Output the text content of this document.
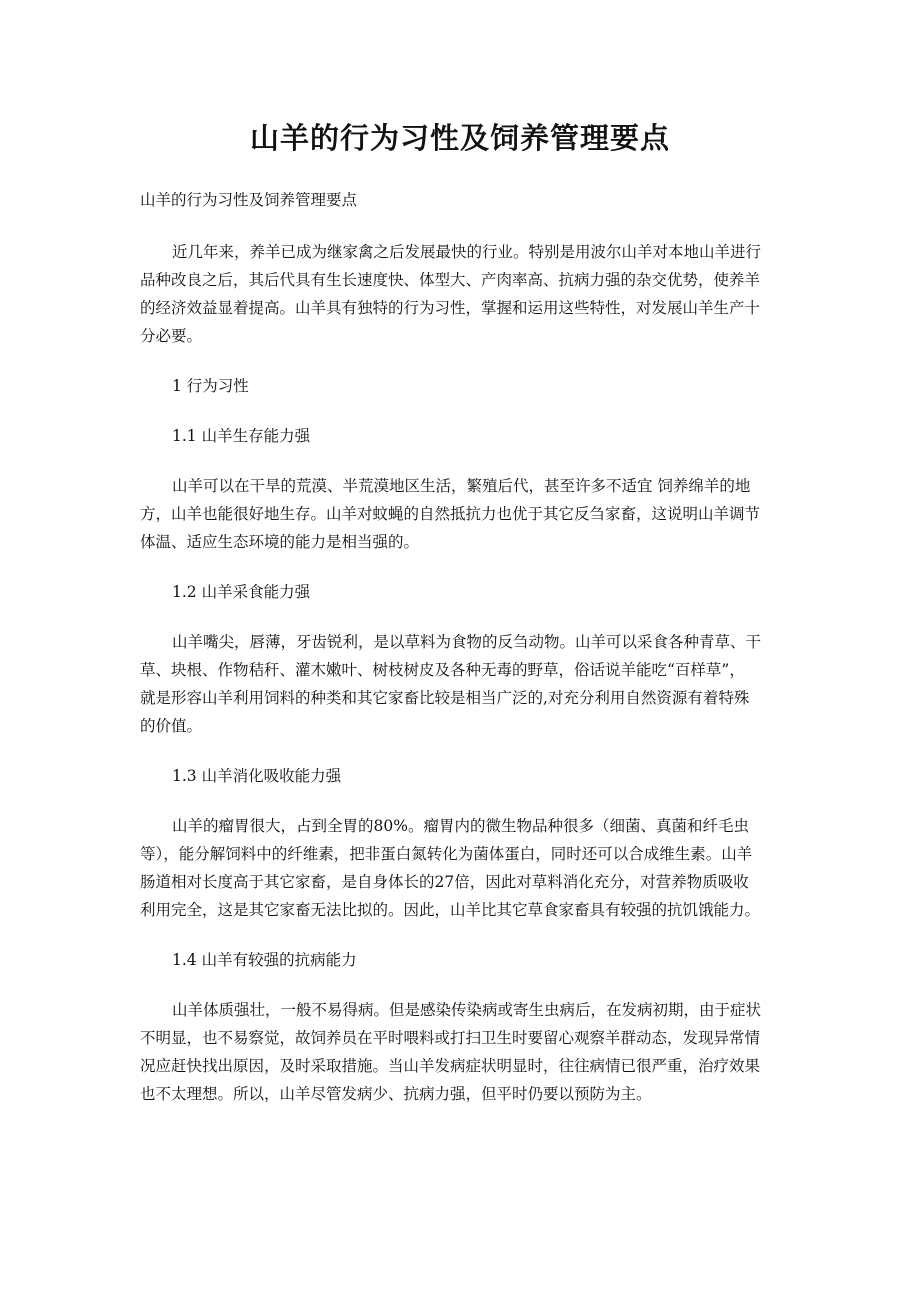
山羊的行为习性及饲养管理要点

山羊的行为习性及饲养管理要点

近几年来，养羊已成为继家禽之后发展最快的行业。特别是用波尔山羊对本地山羊进行

品种改良之后，其后代具有生长速度快、体型大、产肉率高、抗病力强的杂交优势，使养羊

的经济效益显着提高。山羊具有独特的行为习性，掌握和运用这些特性，对发展山羊生产十

分必要。

1 行为习性

1.1 山羊生存能力强

山羊可以在干旱的荒漠、半荒漠地区生活，繁殖后代，甚至许多不适宜 饲养绵羊的地

方，山羊也能很好地生存。山羊对蚊蝇的自然抵抗力也优于其它反刍家畜，这说明山羊调节

体温、适应生态环境的能力是相当强的。

1.2 山羊采食能力强

山羊嘴尖，唇薄，牙齿锐利，是以草料为食物的反刍动物。山羊可以采食各种青草、干

草、块根、作物秸秆、灌木嫩叶、树枝树皮及各种无毒的野草，俗话说羊能吃“百样草”，

就是形容山羊利用饲料的种类和其它家畜比较是相当广泛的,对充分利用自然资源有着特殊

的价值。

1.3 山羊消化吸收能力强

山羊的瘤胃很大，占到全胃的80%。瘤胃内的微生物品种很多（细菌、真菌和纤毛虫

等），能分解饲料中的纤维素，把非蛋白氮转化为菌体蛋白，同时还可以合成维生素。山羊

肠道相对长度高于其它家畜，是自身体长的27倍，因此对草料消化充分，对营养物质吸收

利用完全，这是其它家畜无法比拟的。因此，山羊比其它草食家畜具有较强的抗饥饿能力。

1.4 山羊有较强的抗病能力

山羊体质强壮，一般不易得病。但是感染传染病或寄生虫病后，在发病初期，由于症状

不明显，也不易察觉，故饲养员在平时喂料或打扫卫生时要留心观察羊群动态，发现异常情

况应赶快找出原因，及时采取措施。当山羊发病症状明显时，往往病情已很严重，治疗效果

也不太理想。所以，山羊尽管发病少、抗病力强，但平时仍要以预防为主。
